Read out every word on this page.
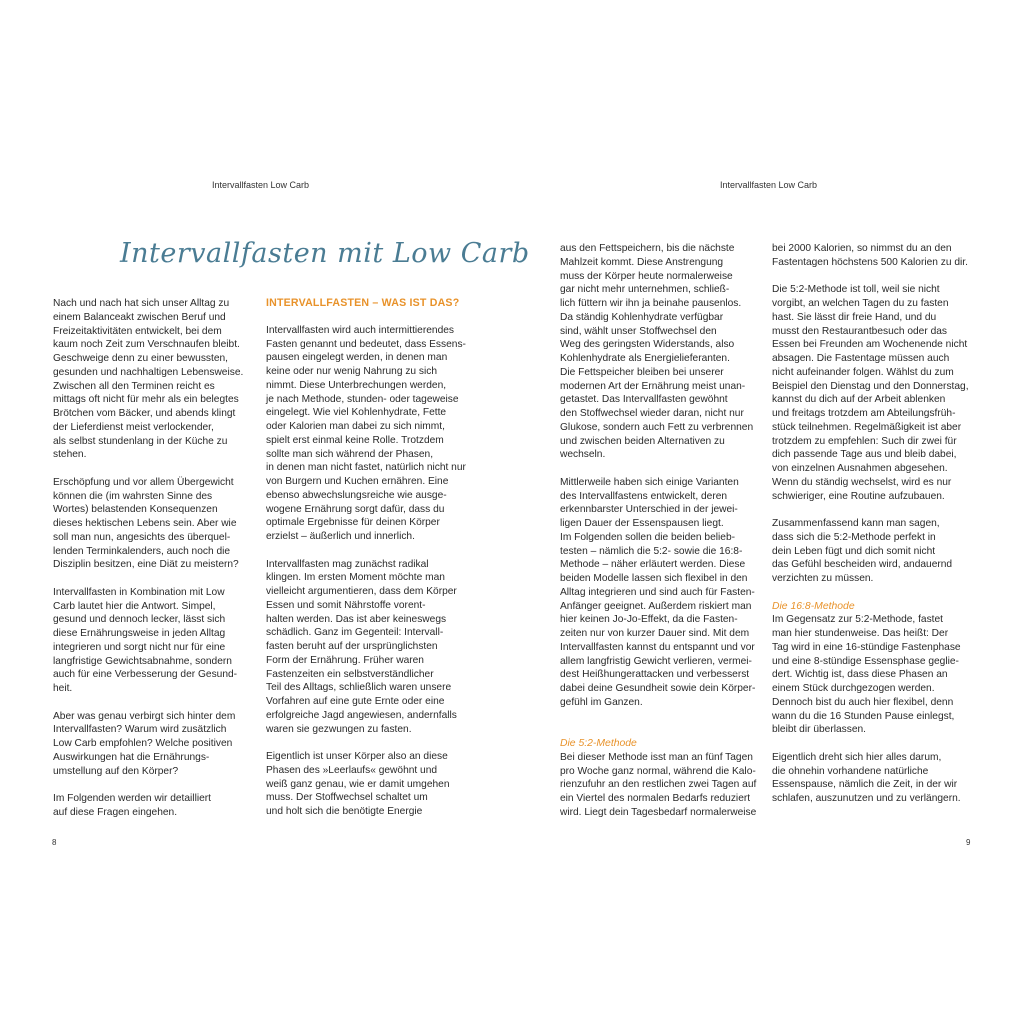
Intervallfasten Low Carb
Intervallfasten mit Low Carb

Nach und nach hat sich unser Alltag zu
einem Balanceakt zwischen Beruf und
Freizeitaktivitäten entwickelt, bei dem
kaum noch Zeit zum Verschnaufen bleibt.
Geschweige denn zu einer bewussten,
gesunden und nachhaltigen Lebensweise.
Zwischen all den Terminen reicht es
mittags oft nicht für mehr als ein belegtes
Brötchen vom Bäcker, und abends klingt
der Lieferdienst meist verlockender,
als selbst stundenlang in der Küche zu
stehen.

Erschöpfung und vor allem Übergewicht
können die (im wahrsten Sinne des
Wortes) belastenden Konsequenzen
dieses hektischen Lebens sein. Aber wie
soll man nun, angesichts des überquel-
lenden Terminkalenders, auch noch die
Disziplin besitzen, eine Diät zu meistern?

Intervallfasten in Kombination mit Low
Carb lautet hier die Antwort. Simpel,
gesund und dennoch lecker, lässt sich
diese Ernährungsweise in jeden Alltag
integrieren und sorgt nicht nur für eine
langfristige Gewichtsabnahme, sondern
auch für eine Verbesserung der Gesund-
heit.

Aber was genau verbirgt sich hinter dem
Intervallfasten? Warum wird zusätzlich
Low Carb empfohlen? Welche positiven
Auswirkungen hat die Ernährungs-
umstellung auf den Körper?

Im Folgenden werden wir detailliert
auf diese Fragen eingehen.

INTERVALLFASTEN – WAS IST DAS?

Intervallfasten wird auch intermittierendes
Fasten genannt und bedeutet, dass Essens-
pausen eingelegt werden, in denen man
keine oder nur wenig Nahrung zu sich
nimmt. Diese Unterbrechungen werden,
je nach Methode, stunden- oder tageweise
eingelegt. Wie viel Kohlenhydrate, Fette
oder Kalorien man dabei zu sich nimmt,
spielt erst einmal keine Rolle. Trotzdem
sollte man sich während der Phasen,
in denen man nicht fastet, natürlich nicht nur
von Burgern und Kuchen ernähren. Eine
ebenso abwechslungsreiche wie ausge-
wogene Ernährung sorgt dafür, dass du
optimale Ergebnisse für deinen Körper
erzielst – äußerlich und innerlich.

Intervallfasten mag zunächst radikal
klingen. Im ersten Moment möchte man
vielleicht argumentieren, dass dem Körper
Essen und somit Nährstoffe vorent-
halten werden. Das ist aber keineswegs
schädlich. Ganz im Gegenteil: Intervall-
fasten beruht auf der ursprünglichsten
Form der Ernährung. Früher waren
Fastenzeiten ein selbstverständlicher
Teil des Alltags, schließlich waren unsere
Vorfahren auf eine gute Ernte oder eine
erfolgreiche Jagd angewiesen, andernfalls
waren sie gezwungen zu fasten.

Eigentlich ist unser Körper also an diese
Phasen des »Leerlaufs« gewöhnt und
weiß ganz genau, wie er damit umgehen
muss. Der Stoffwechsel schaltet um
und holt sich die benötigte Energie

8
Intervallfasten Low Carb

aus den Fettspeichern, bis die nächste
Mahlzeit kommt. Diese Anstrengung
muss der Körper heute normalerweise
gar nicht mehr unternehmen, schließ-
lich füttern wir ihn ja beinahe pausenlos.
Da ständig Kohlenhydrate verfügbar
sind, wählt unser Stoffwechsel den
Weg des geringsten Widerstands, also
Kohlenhydrate als Energielieferanten.
Die Fettspeicher bleiben bei unserer
modernen Art der Ernährung meist unan-
getastet. Das Intervallfasten gewöhnt
den Stoffwechsel wieder daran, nicht nur
Glukose, sondern auch Fett zu verbrennen
und zwischen beiden Alternativen zu
wechseln.

Mittlerweile haben sich einige Varianten
des Intervallfastens entwickelt, deren
erkennbarster Unterschied in der jewei-
ligen Dauer der Essenspausen liegt.
Im Folgenden sollen die beiden belieb-
testen – nämlich die 5:2- sowie die 16:8-
Methode – näher erläutert werden. Diese
beiden Modelle lassen sich flexibel in den
Alltag integrieren und sind auch für Fasten-
Anfänger geeignet. Außerdem riskiert man
hier keinen Jo-Jo-Effekt, da die Fasten-
zeiten nur von kurzer Dauer sind. Mit dem
Intervallfasten kannst du entspannt und vor
allem langfristig Gewicht verlieren, vermei-
dest Heißhungerattacken und verbesserst
dabei deine Gesundheit sowie dein Körper-
gefühl im Ganzen.

Die 5:2-Methode

Bei dieser Methode isst man an fünf Tagen
pro Woche ganz normal, während die Kalo-
rienzufuhr an den restlichen zwei Tagen auf
ein Viertel des normalen Bedarfs reduziert
wird. Liegt dein Tagesbedarf normalerweise

bei 2000 Kalorien, so nimmst du an den
Fastentagen höchstens 500 Kalorien zu dir.

Die 5:2-Methode ist toll, weil sie nicht
vorgibt, an welchen Tagen du zu fasten
hast. Sie lässt dir freie Hand, und du
musst den Restaurantbesuch oder das
Essen bei Freunden am Wochenende nicht
absagen. Die Fastentage müssen auch
nicht aufeinander folgen. Wählst du zum
Beispiel den Dienstag und den Donnerstag,
kannst du dich auf der Arbeit ablenken
und freitags trotzdem am Abteilungsfrüh-
stück teilnehmen. Regelmäßigkeit ist aber
trotzdem zu empfehlen: Such dir zwei für
dich passende Tage aus und bleib dabei,
von einzelnen Ausnahmen abgesehen.
Wenn du ständig wechselst, wird es nur
schwieriger, eine Routine aufzubauen.

Zusammenfassend kann man sagen,
dass sich die 5:2-Methode perfekt in
dein Leben fügt und dich somit nicht
das Gefühl bescheiden wird, andauernd
verzichten zu müssen.

Die 16:8-Methode

Im Gegensatz zur 5:2-Methode, fastet
man hier stundenweise. Das heißt: Der
Tag wird in eine 16-stündige Fastenphase
und eine 8-stündige Essensphase geglie-
dert. Wichtig ist, dass diese Phasen an
einem Stück durchgezogen werden.
Dennoch bist du auch hier flexibel, denn
wann du die 16 Stunden Pause einlegst,
bleibt dir überlassen.

Eigentlich dreht sich hier alles darum,
die ohnehin vorhandene natürliche
Essenspause, nämlich die Zeit, in der wir
schlafen, auszunutzen und zu verlängern.

9
